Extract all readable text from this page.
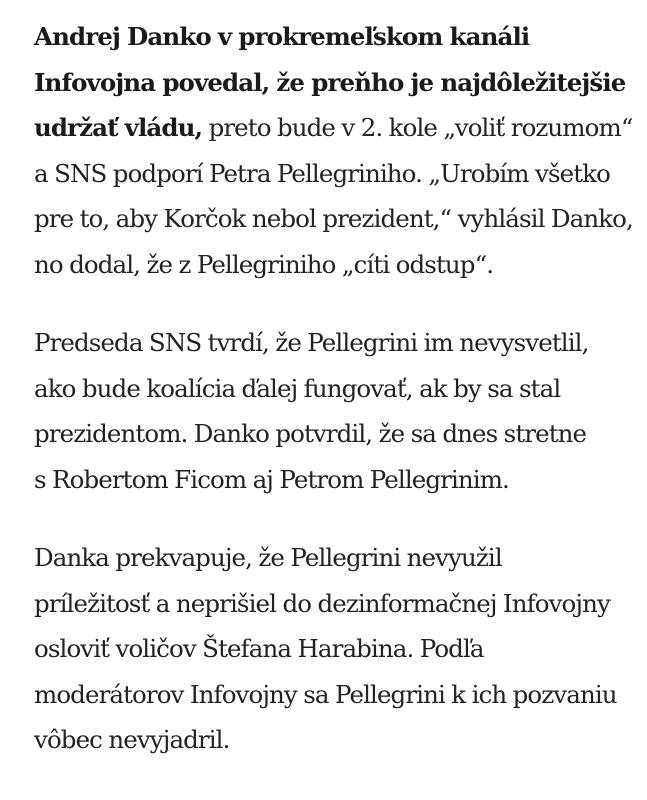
Andrej Danko v prokremeľskom kanáli
Infovojna povedal, že preňho je najdôležitejšie
udržať vládu, preto bude v 2. kole „voliť rozumom“
a SNS podporí Petra Pellegriniho. „Urobím všetko
pre to, aby Korčok nebol prezident,“ vyhlásil Danko,
no dodal, že z Pellegriniho „cíti odstup“.

Predseda SNS tvrdí, že Pellegrini im nevysvetlil,
ako bude koalícia ďalej fungovať, ak by sa stal
prezidentom. Danko potvrdil, že sa dnes stretne
s Robertom Ficom aj Petrom Pellegrinim.

Danka prekvapuje, že Pellegrini nevyužil
príležitosť a neprišiel do dezinformačnej Infovojny
osloviť voličov Štefana Harabina. Podľa
moderátorov Infovojny sa Pellegrini k ich pozvaniu
vôbec nevyjadril.
